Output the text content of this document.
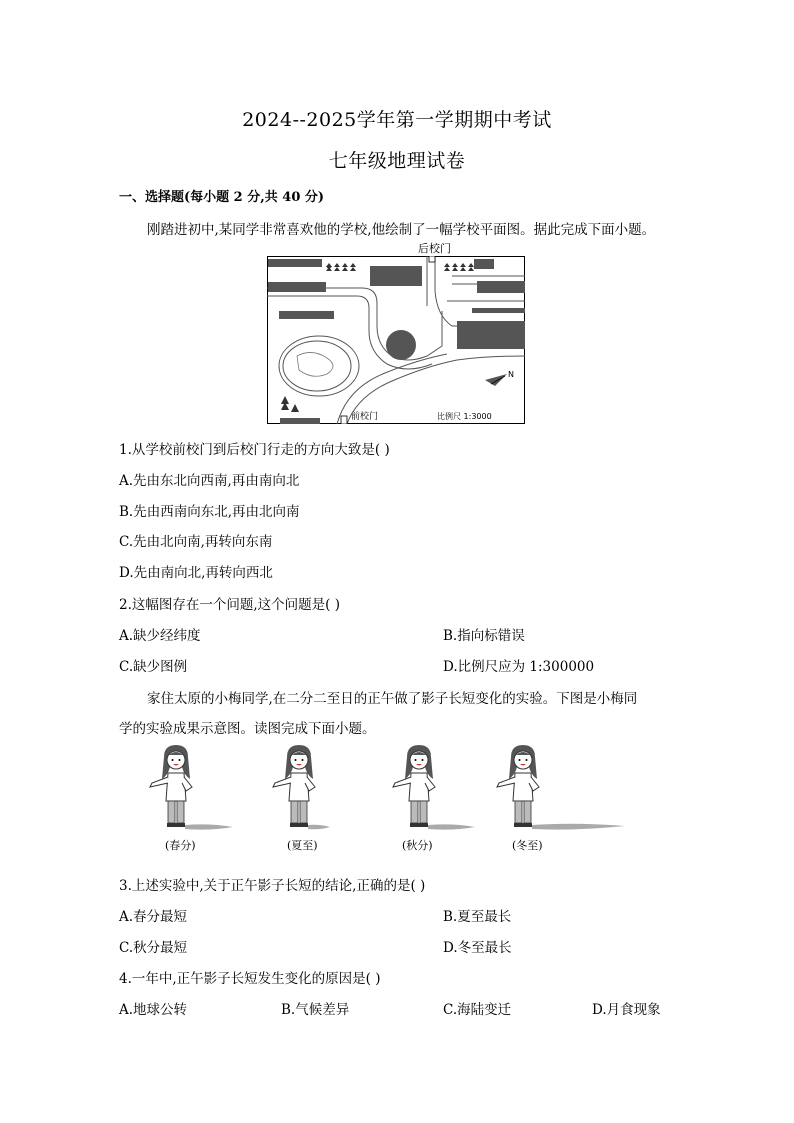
2024--2025学年第一学期期中考试
七年级地理试卷
一、选择题(每小题 2 分,共 40 分)
刚踏进初中,某同学非常喜欢他的学校,他绘制了一幅学校平面图。据此完成下面小题。
N
前校门	比例尺 1:3000
后校门
1.从学校前校门到后校门行走的方向大致是( )
A.先由东北向西南,再由南向北
B.先由西南向东北,再由北向南
C.先由北向南,再转向东南
D.先由南向北,再转向西北
2.这幅图存在一个问题,这个问题是( )
A.缺少经纬度	B.指向标错误
C.缺少图例	D.比例尺应为 1:300000
家住太原的小梅同学,在二分二至日的正午做了影子长短变化的实验。下图是小梅同
学的实验成果示意图。读图完成下面小题。
(春分)	(夏至)	(秋分)	(冬至)
3.上述实验中,关于正午影子长短的结论,正确的是( )
A.春分最短	B.夏至最长
C.秋分最短	D.冬至最长
4.一年中,正午影子长短发生变化的原因是( )
A.地球公转	B.气候差异	C.海陆变迁	D.月食现象
